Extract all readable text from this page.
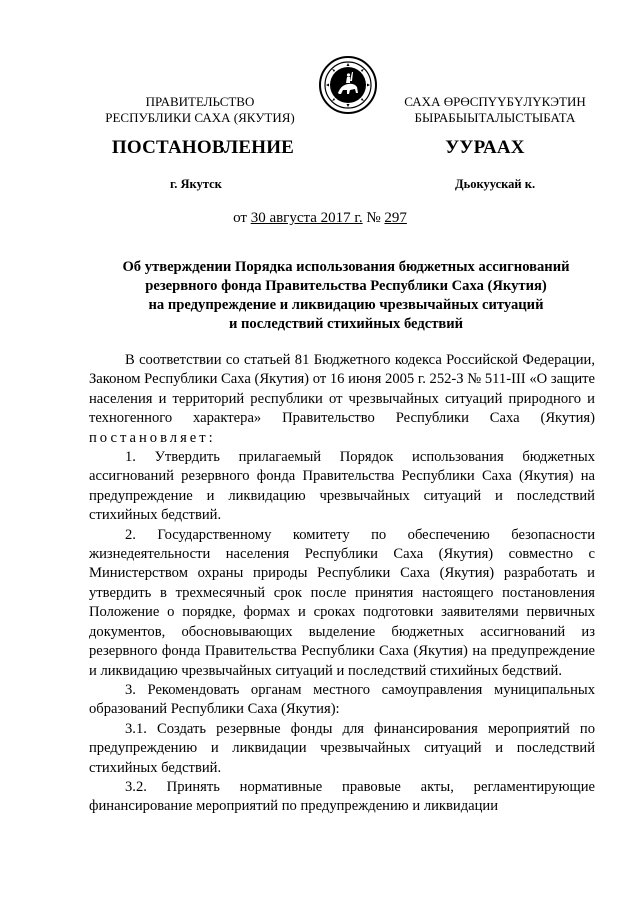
ПРАВИТЕЛЬСТВО
РЕСПУБЛИКИ САХА (ЯКУТИЯ)
САХА ӨРӨСПҮҮБҮЛҮКЭТИН
БЫРАБЫЫТАЛЫСТЫБАТА
ПОСТАНОВЛЕНИЕ	УУРААХ
г. Якутск	Дьокуускай к.
от 30 августа 2017 г. № 297
Об утверждении Порядка использования бюджетных ассигнований
резервного фонда Правительства Республики Саха (Якутия)
на предупреждение и ликвидацию чрезвычайных ситуаций
и последствий стихийных бедствий

В соответствии со статьей 81 Бюджетного кодекса Российской Федерации, Законом Республики Саха (Якутия) от 16 июня 2005 г. 252-З № 511-III «О защите населения и территорий республики от чрезвычайных ситуаций природного и техногенного характера» Правительство Республики Саха (Якутия) постановляет:

1. Утвердить прилагаемый Порядок использования бюджетных ассигнований резервного фонда Правительства Республики Саха (Якутия) на предупреждение и ликвидацию чрезвычайных ситуаций и последствий стихийных бедствий.

2. Государственному комитету по обеспечению безопасности жизнедеятельности населения Республики Саха (Якутия) совместно с Министерством охраны природы Республики Саха (Якутия) разработать и утвердить в трехмесячный срок после принятия настоящего постановления Положение о порядке, формах и сроках подготовки заявителями первичных документов, обосновывающих выделение бюджетных ассигнований из резервного фонда Правительства Республики Саха (Якутия) на предупреждение и ликвидацию чрезвычайных ситуаций и последствий стихийных бедствий.

3. Рекомендовать органам местного самоуправления муниципальных образований Республики Саха (Якутия):

3.1. Создать резервные фонды для финансирования мероприятий по предупреждению и ликвидации чрезвычайных ситуаций и последствий стихийных бедствий.

3.2. Принять нормативные правовые акты, регламентирующие финансирование мероприятий по предупреждению и ликвидации
